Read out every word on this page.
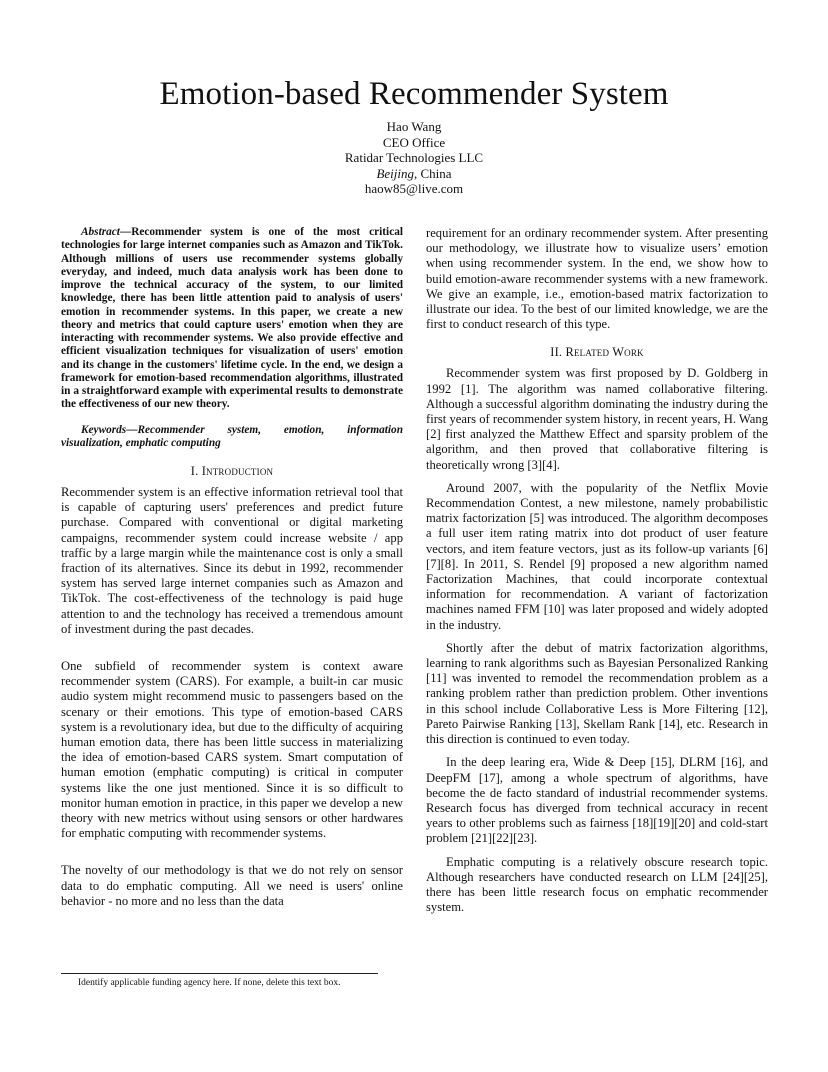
Emotion-based Recommender System
Hao Wang
CEO Office
Ratidar Technologies LLC
Beijing, China
haow85@live.com

Abstract—Recommender system is one of the most critical technologies for large internet companies such as Amazon and TikTok. Although millions of users use recommender systems globally everyday, and indeed, much data analysis work has been done to improve the technical accuracy of the system, to our limited knowledge, there has been little attention paid to analysis of users' emotion in recommender systems. In this paper, we create a new theory and metrics that could capture users' emotion when they are interacting with recommender systems. We also provide effective and efficient visualization techniques for visualization of users' emotion and its change in the customers' lifetime cycle. In the end, we design a framework for emotion-based recommendation algorithms, illustrated in a straightforward example with experimental results to demonstrate the effectiveness of our new theory.

Keywords—Recommender system, emotion, information visualization, emphatic computing

I. Introduction

Recommender system is an effective information retrieval tool that is capable of capturing users' preferences and predict future purchase. Compared with conventional or digital marketing campaigns, recommender system could increase website / app traffic by a large margin while the maintenance cost is only a small fraction of its alternatives. Since its debut in 1992, recommender system has served large internet companies such as Amazon and TikTok. The cost-effectiveness of the technology is paid huge attention to and the technology has received a tremendous amount of investment during the past decades.

One subfield of recommender system is context aware recommender system (CARS). For example, a built-in car music audio system might recommend music to passengers based on the scenary or their emotions. This type of emotion-based CARS system is a revolutionary idea, but due to the difficulty of acquiring human emotion data, there has been little success in materializing the idea of emotion-based CARS system. Smart computation of human emotion (emphatic computing) is critical in computer systems like the one just mentioned. Since it is so difficult to monitor human emotion in practice, in this paper we develop a new theory with new metrics without using sensors or other hardwares for emphatic computing with recommender systems.

The novelty of our methodology is that we do not rely on sensor data to do emphatic computing. All we need is users' online behavior - no more and no less than the data

requirement for an ordinary recommender system. After presenting our methodology, we illustrate how to visualize users’ emotion when using recommender system. In the end, we show how to build emotion-aware recommender systems with a new framework. We give an example, i.e., emotion-based matrix factorization to illustrate our idea. To the best of our limited knowledge, we are the first to conduct research of this type.

II. Related Work

Recommender system was first proposed by D. Goldberg in 1992 [1]. The algorithm was named collaborative filtering. Although a successful algorithm dominating the industry during the first years of recommender system history, in recent years, H. Wang [2] first analyzed the Matthew Effect and sparsity problem of the algorithm, and then proved that collaborative filtering is theoretically wrong [3][4].

Around 2007, with the popularity of the Netflix Movie Recommendation Contest, a new milestone, namely probabilistic matrix factorization [5] was introduced. The algorithm decomposes a full user item rating matrix into dot product of user feature vectors, and item feature vectors, just as its follow-up variants [6][7][8]. In 2011, S. Rendel [9] proposed a new algorithm named Factorization Machines, that could incorporate contextual information for recommendation. A variant of factorization machines named FFM [10] was later proposed and widely adopted in the industry.

Shortly after the debut of matrix factorization algorithms, learning to rank algorithms such as Bayesian Personalized Ranking [11] was invented to remodel the recommendation problem as a ranking problem rather than prediction problem. Other inventions in this school include Collaborative Less is More Filtering [12], Pareto Pairwise Ranking [13], Skellam Rank [14], etc. Research in this direction is continued to even today.

In the deep learing era, Wide & Deep [15], DLRM [16], and DeepFM [17], among a whole spectrum of algorithms, have become the de facto standard of industrial recommender systems. Research focus has diverged from technical accuracy in recent years to other problems such as fairness [18][19][20] and cold-start problem [21][22][23].

Emphatic computing is a relatively obscure research topic. Although researchers have conducted research on LLM [24][25], there has been little research focus on emphatic recommender system.

Identify applicable funding agency here. If none, delete this text box.
